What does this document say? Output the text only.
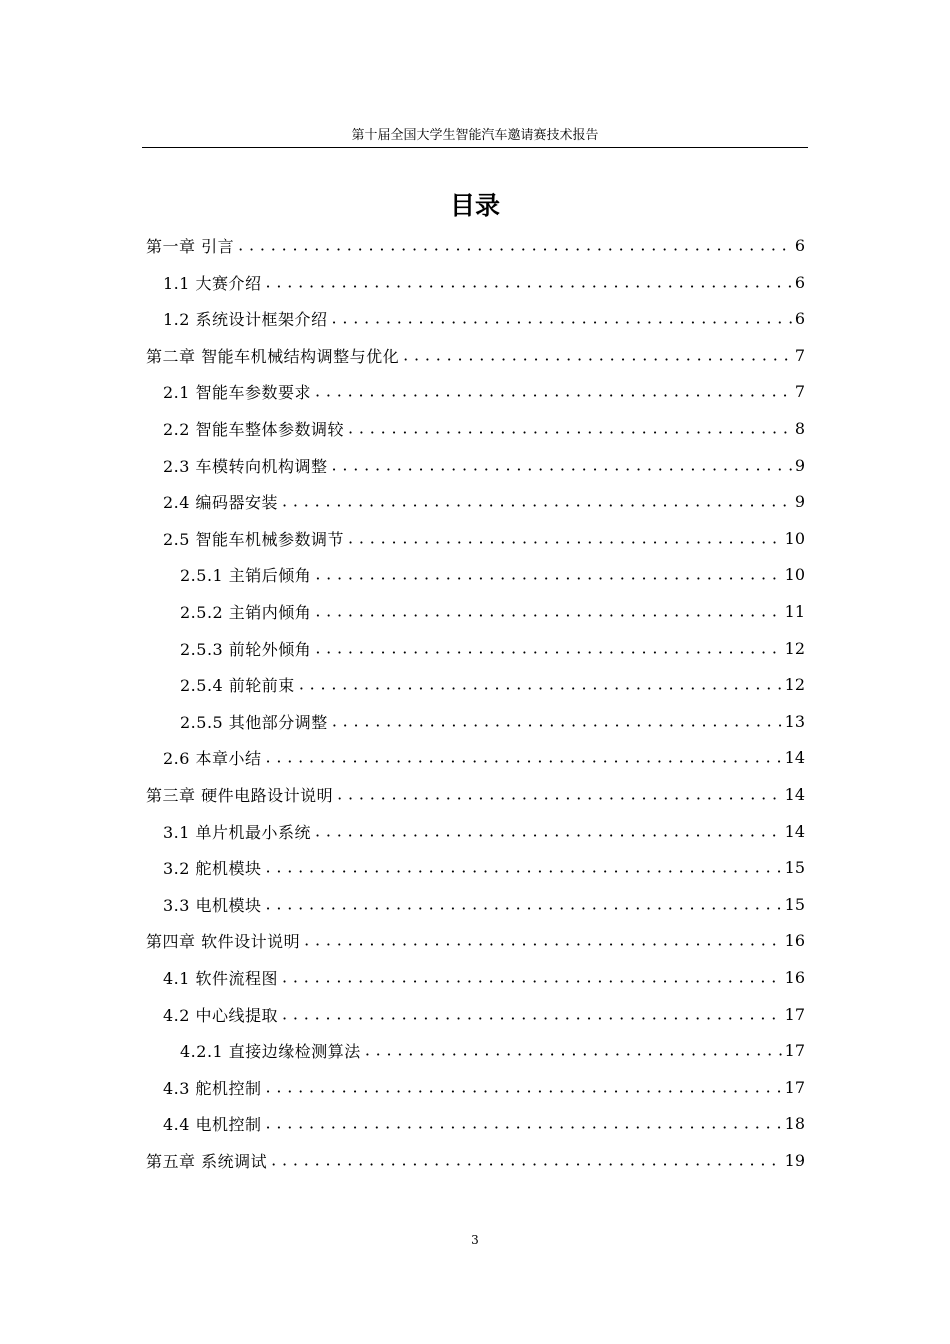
第十届全国大学生智能汽车邀请赛技术报告
目录
第一章 引言 . . .	6
1.1 大赛介绍 . . .	6
1.2 系统设计框架介绍 . . .	6
第二章 智能车机械结构调整与优化 . . .	7
2.1 智能车参数要求 . . .	7
2.2 智能车整体参数调较 . . .	8
2.3 车模转向机构调整 . . .	9
2.4 编码器安装 . . .	9
2.5 智能车机械参数调节 . . .	10
2.5.1 主销后倾角 . . .	10
2.5.2 主销内倾角 . . .	11
2.5.3 前轮外倾角 . . .	12
2.5.4 前轮前束 . . .	12
2.5.5 其他部分调整 . . .	13
2.6 本章小结 . . .	14
第三章 硬件电路设计说明 . . .	14
3.1 单片机最小系统 . . .	14
3.2 舵机模块 . . .	15
3.3 电机模块 . . .	15
第四章 软件设计说明 . . .	16
4.1 软件流程图 . . .	16
4.2 中心线提取 . . .	17
4.2.1 直接边缘检测算法 . . .	17
4.3 舵机控制 . . .	17
4.4 电机控制 . . .	18
第五章 系统调试 . . .	19
3
